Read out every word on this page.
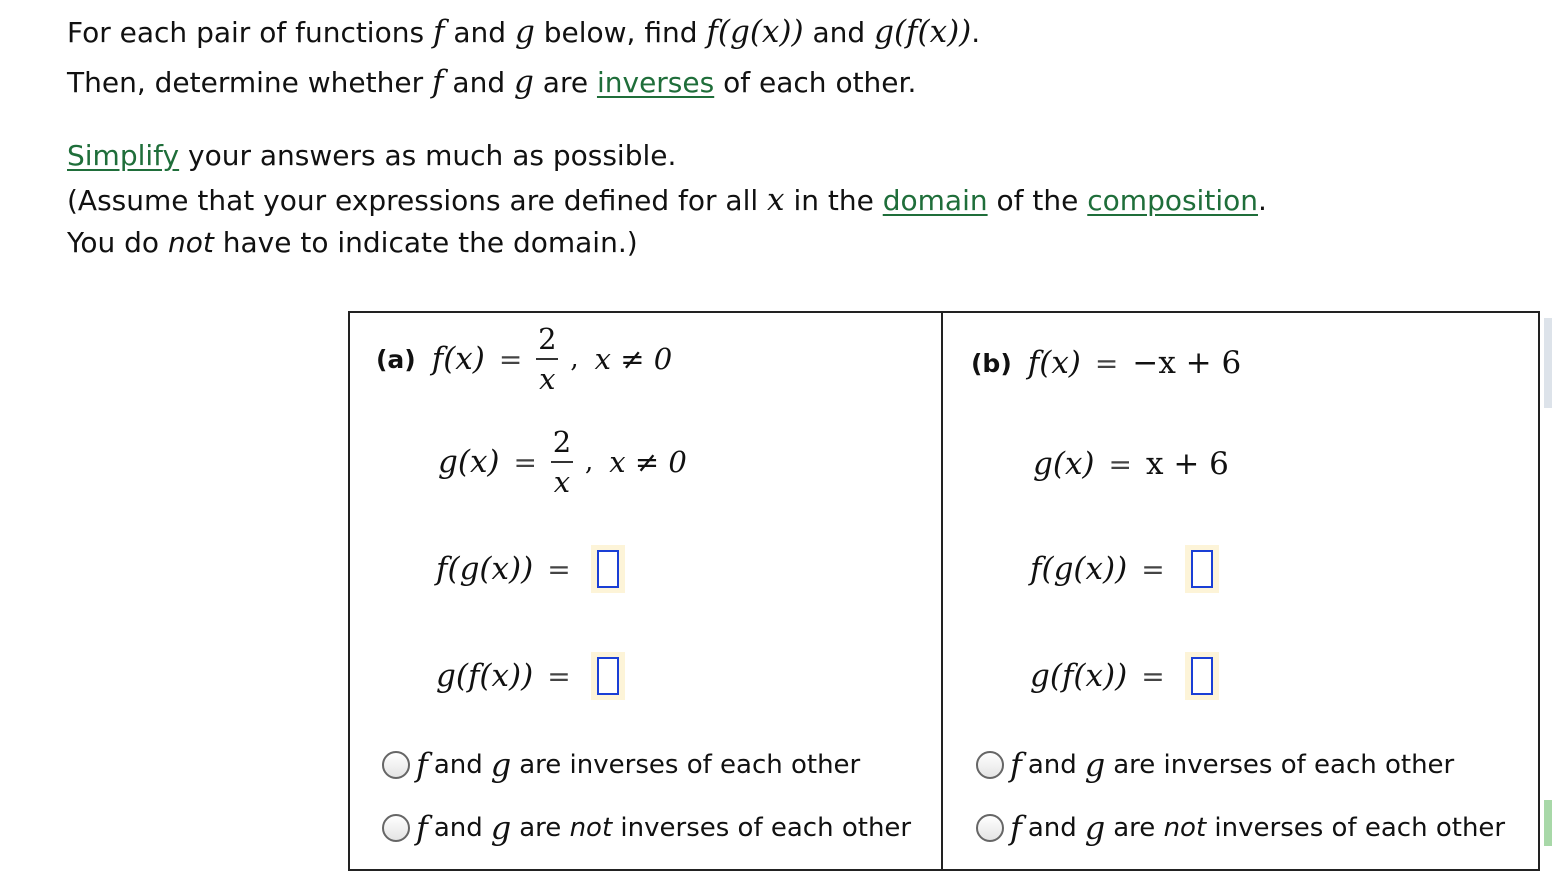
For each pair of functions f and g below, find f(g(x)) and g(f(x)).
Then, determine whether f and g are inverses of each other.
Simplify your answers as much as possible.
(Assume that your expressions are defined for all x in the domain of the composition.
You do not have to indicate the domain.)
(a) $f(x) = \frac{2}{x}$ , x ≠ 0
$g(x) = \frac{2}{x}$ , x ≠ 0
f(g(x)) =
g(f(x)) =
f and g are inverses of each other
f and g are
not
inverses of each other
(b) f(x) = −x + 6
g(x) = x + 6
f(g(x)) =
g(f(x)) =
f and g are inverses of each other
f and g are
not
inverses of each other
